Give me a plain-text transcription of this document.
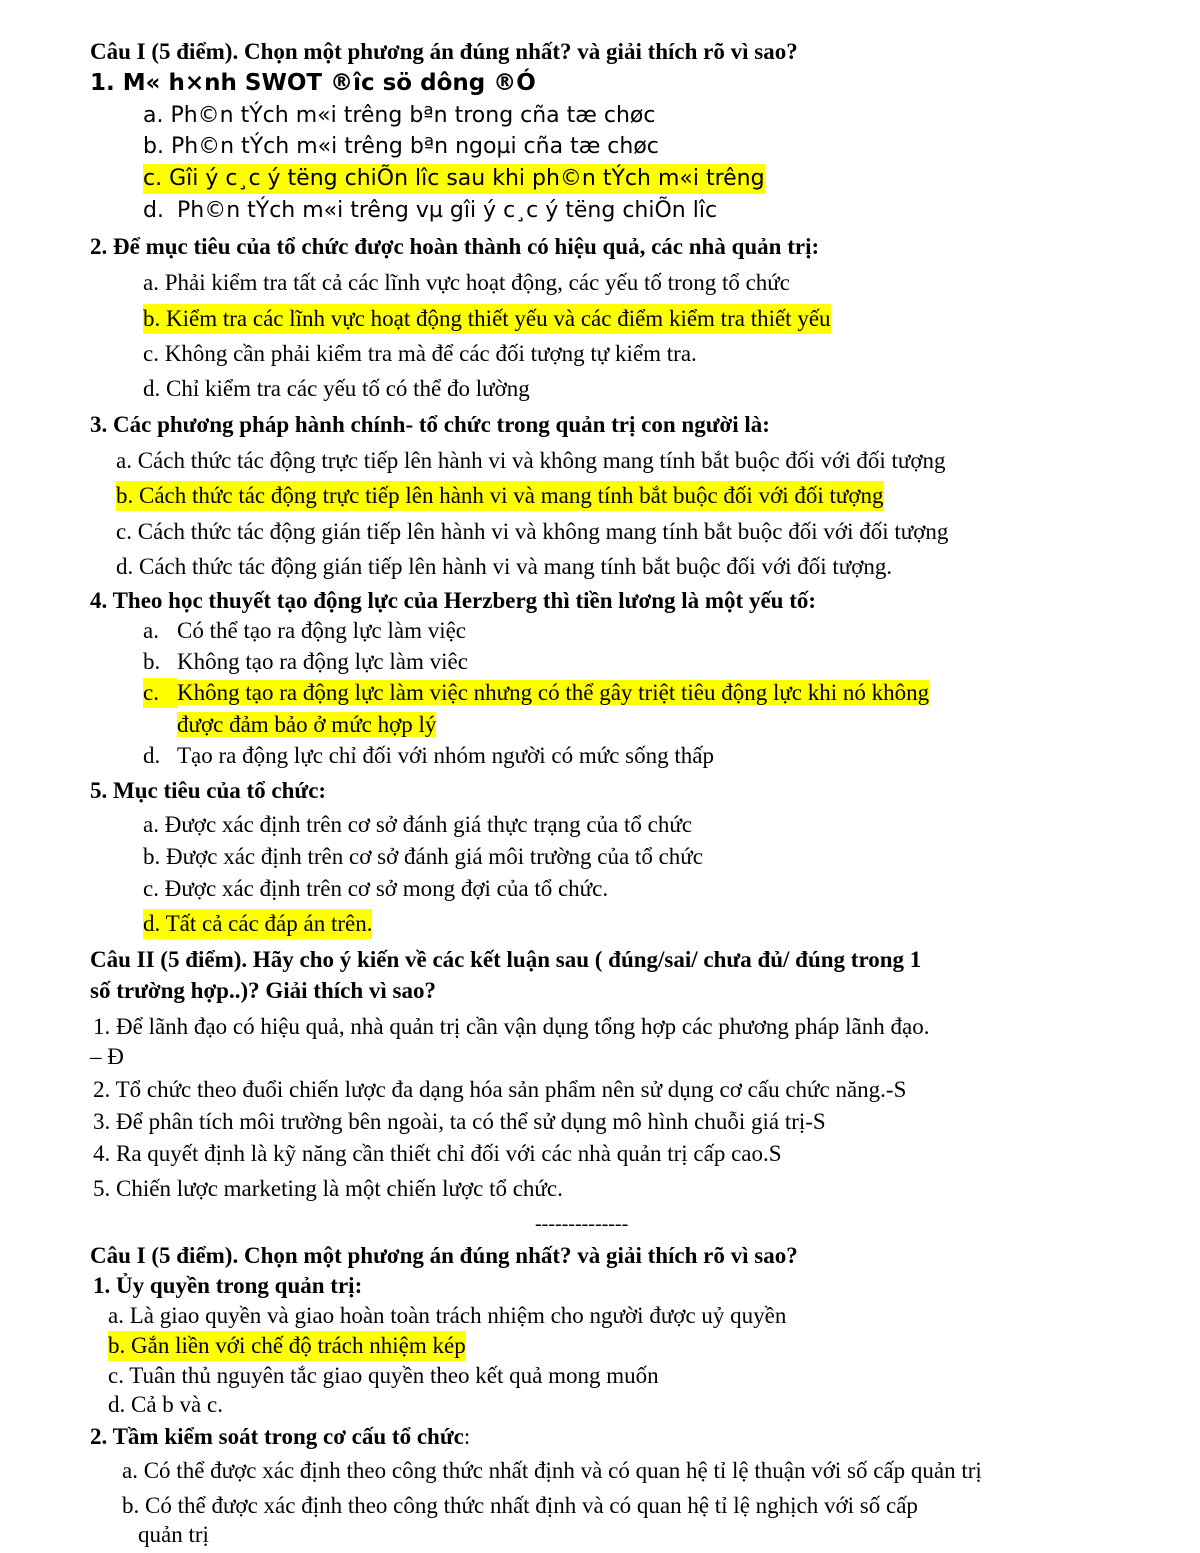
Câu I (5 điểm). Chọn một phương án đúng nhất? và giải thích rõ vì sao?
1. M« h×nh SWOT ®îc sö dông ®Ó
a. Ph©n tÝch m«i trêng bªn trong cña tæ chøc
b. Ph©n tÝch m«i trêng bªn ngoµi cña tæ chøc
c. Gîi ý c¸c ý tëng chiÕn lîc sau khi ph©n tÝch m«i trêng
d. Ph©n tÝch m«i trêng vµ gîi ý c¸c ý tëng chiÕn lîc
2. Để mục tiêu của tổ chức được hoàn thành có hiệu quả, các nhà quản trị:
a. Phải kiểm tra tất cả các lĩnh vực hoạt động, các yếu tố trong tổ chức
b. Kiểm tra các lĩnh vực hoạt động thiết yếu và các điểm kiểm tra thiết yếu
c. Không cần phải kiểm tra mà để các đối tượng tự kiểm tra.
d. Chỉ kiểm tra các yếu tố có thể đo lường
3. Các phương pháp hành chính- tổ chức trong quản trị con người là:
a. Cách thức tác động trực tiếp lên hành vi và không mang tính bắt buộc đối với đối tượng
b. Cách thức tác động trực tiếp lên hành vi và mang tính bắt buộc đối với đối tượng
c. Cách thức tác động gián tiếp lên hành vi và không mang tính bắt buộc đối với đối tượng
d. Cách thức tác động gián tiếp lên hành vi và mang tính bắt buộc đối với đối tượng.
4. Theo học thuyết tạo động lực của Herzberg thì tiền lương là một yếu tố:
a. Có thể tạo ra động lực làm việc
b. Không tạo ra động lực làm viêc
c. Không tạo ra động lực làm việc nhưng có thể gây triệt tiêu động lực khi nó không
được đảm bảo ở mức hợp lý
d. Tạo ra động lực chỉ đối với nhóm người có mức sống thấp
5. Mục tiêu của tổ chức:
a. Được xác định trên cơ sở đánh giá thực trạng của tổ chức
b. Được xác định trên cơ sở đánh giá môi trường của tổ chức
c. Được xác định trên cơ sở mong đợi của tổ chức.
d. Tất cả các đáp án trên.
Câu II (5 điểm). Hãy cho ý kiến về các kết luận sau ( đúng/sai/ chưa đủ/ đúng trong 1
số trường hợp..)? Giải thích vì sao?
1. Để lãnh đạo có hiệu quả, nhà quản trị cần vận dụng tổng hợp các phương pháp lãnh đạo.
– Đ
2. Tổ chức theo đuổi chiến lược đa dạng hóa sản phẩm nên sử dụng cơ cấu chức năng.-S
3. Để phân tích môi trường bên ngoài, ta có thể sử dụng mô hình chuỗi giá trị-S
4. Ra quyết định là kỹ năng cần thiết chỉ đối với các nhà quản trị cấp cao.S
5. Chiến lược marketing là một chiến lược tổ chức.
--------------
Câu I (5 điểm). Chọn một phương án đúng nhất? và giải thích rõ vì sao?
1. Ủy quyền trong quản trị:
a. Là giao quyền và giao hoàn toàn trách nhiệm cho người được uỷ quyền
b. Gắn liền với chế độ trách nhiệm kép
c. Tuân thủ nguyên tắc giao quyền theo kết quả mong muốn
d. Cả b và c.
2. Tầm kiểm soát trong cơ cấu tổ chức:
a. Có thể được xác định theo công thức nhất định và có quan hệ tỉ lệ thuận với số cấp quản trị
b. Có thể được xác định theo công thức nhất định và có quan hệ tỉ lệ nghịch với số cấp
quản trị
